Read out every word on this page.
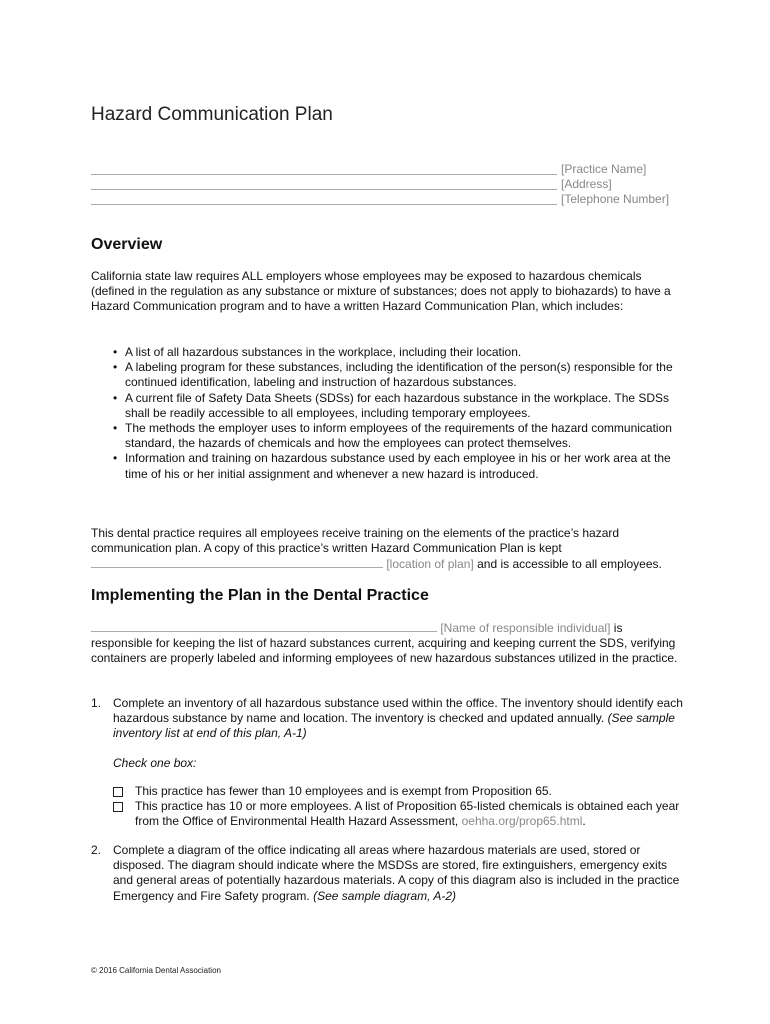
Hazard Communication Plan
[Practice Name]
[Address]
[Telephone Number]
Overview

California state law requires ALL employers whose employees may be exposed to hazardous chemicals (defined in the regulation as any substance or mixture of substances; does not apply to biohazards) to have a Hazard Communication program and to have a written Hazard Communication Plan, which includes:

• A list of all hazardous substances in the workplace, including their location.
• A labeling program for these substances, including the identification of the person(s) responsible for the continued identification, labeling and instruction of hazardous substances.
• A current file of Safety Data Sheets (SDSs) for each hazardous substance in the workplace. The SDSs shall be readily accessible to all employees, including temporary employees.
• The methods the employer uses to inform employees of the requirements of the hazard communication standard, the hazards of chemicals and how the employees can protect themselves.
• Information and training on hazardous substance used by each employee in his or her work area at the time of his or her initial assignment and whenever a new hazard is introduced.

This dental practice requires all employees receive training on the elements of the practice’s hazard communication plan. A copy of this practice’s written Hazard Communication Plan is kept
[location of plan] and is accessible to all employees.

Implementing the Plan in the Dental Practice

[Name of responsible individual] is
responsible for keeping the list of hazard substances current, acquiring and keeping current the SDS, verifying containers are properly labeled and informing employees of new hazardous substances utilized in the practice.

1. Complete an inventory of all hazardous substance used within the office. The inventory should identify each hazardous substance by name and location. The inventory is checked and updated annually. (See sample inventory list at end of this plan, A-1)
Check one box:
This practice has fewer than 10 employees and is exempt from Proposition 65.
This practice has 10 or more employees. A list of Proposition 65-listed chemicals is obtained each year from the Office of Environmental Health Hazard Assessment, oehha.org/prop65.html.
2. Complete a diagram of the office indicating all areas where hazardous materials are used, stored or disposed. The diagram should indicate where the MSDSs are stored, fire extinguishers, emergency exits and general areas of potentially hazardous materials. A copy of this diagram also is included in the practice Emergency and Fire Safety program. (See sample diagram, A-2)
© 2016 California Dental Association
